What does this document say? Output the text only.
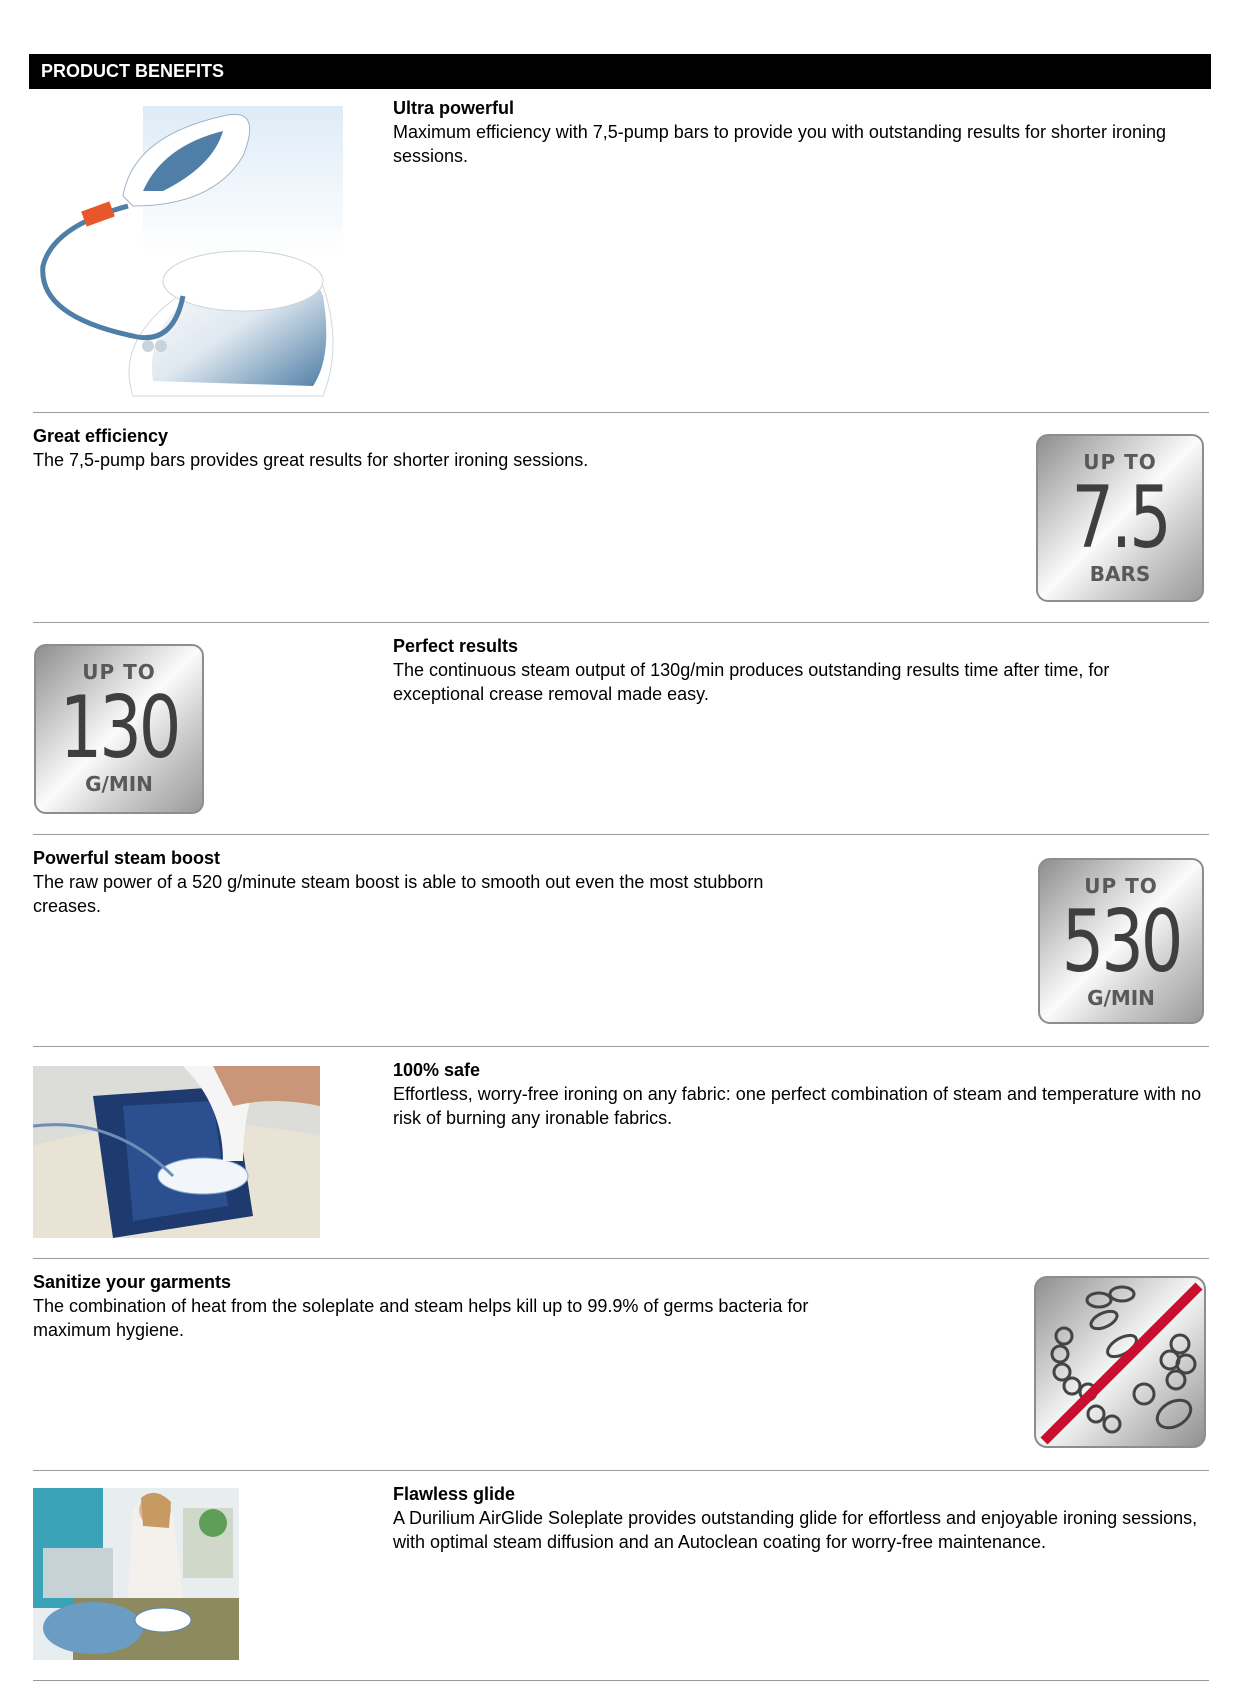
PRODUCT BENEFITS
Ultra powerful
Maximum efficiency with 7,5-pump bars to provide you with outstanding results for shorter ironing sessions.
Great efficiency
The 7,5-pump bars provides great results for shorter ironing sessions.	UP TO
7.5
BARS
UP TO
130
G/MIN
Perfect results
The continuous steam output of 130g/min produces outstanding results time after time, for exceptional crease removal made easy.
Powerful steam boost
The raw power of a 520 g/minute steam boost is able to smooth out even the most stubborn creases.
UP TO
530
G/MIN
100% safe
Effortless, worry-free ironing on any fabric: one perfect combination of steam and temperature with no risk of burning any ironable fabrics.
Sanitize your garments
The combination of heat from the soleplate and steam helps kill up to 99.9% of germs bacteria for maximum hygiene.
Flawless glide
A Durilium AirGlide Soleplate provides outstanding glide for effortless and enjoyable ironing sessions, with optimal steam diffusion and an Autoclean coating for worry-free maintenance.
